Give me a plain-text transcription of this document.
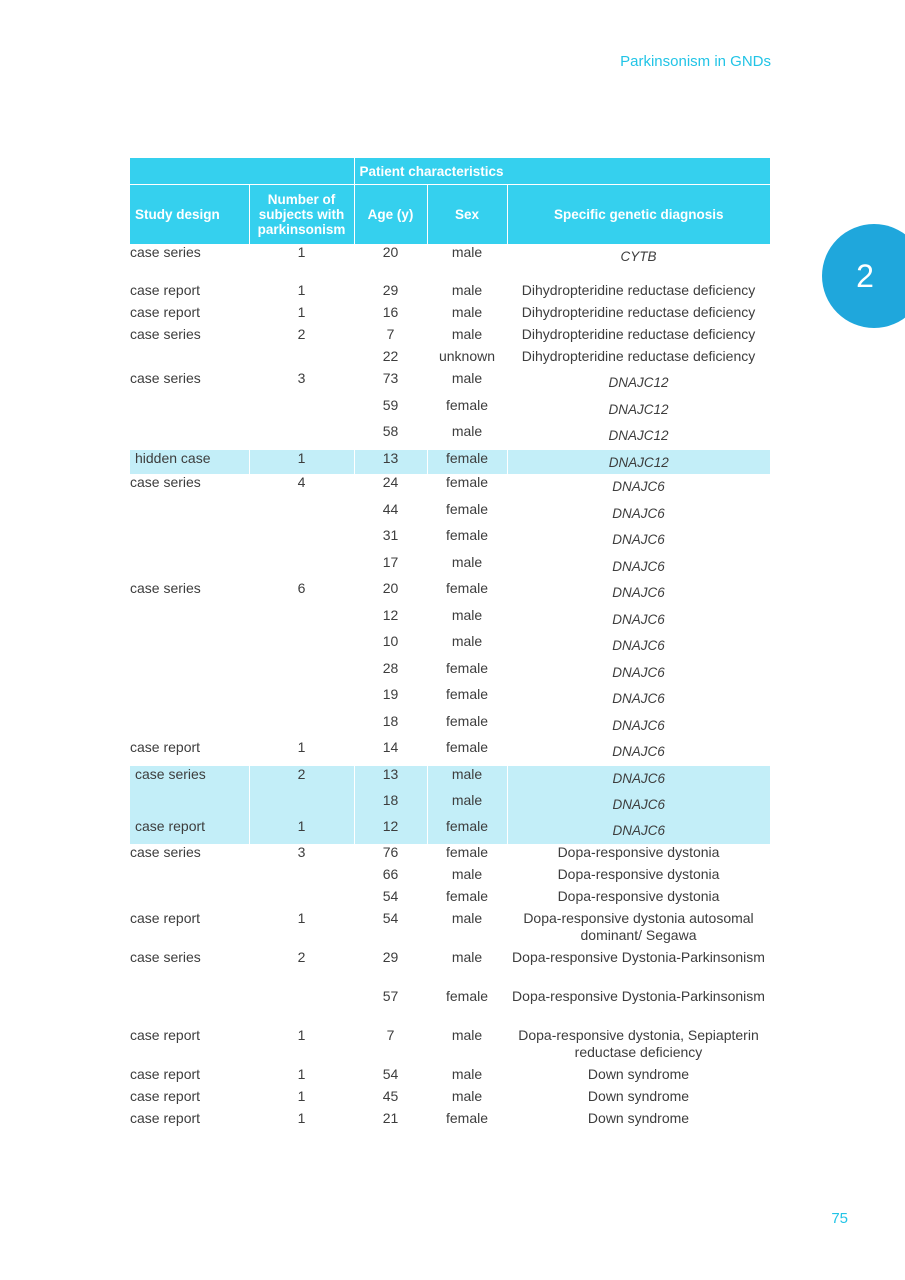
Parkinsonism in GNDs
2
		Patient characteristics		
Study design	Number of subjects with parkinsonism	Age (y)	Sex	Specific genetic diagnosis
case series	1	20	male	CYTB
case report	1	29	male	Dihydropteridine reductase deficiency
case report	1	16	male	Dihydropteridine reductase deficiency
case series	2	7	male	Dihydropteridine reductase deficiency
		22	unknown	Dihydropteridine reductase deficiency
case series	3	73	male	DNAJC12
		59	female	DNAJC12
		58	male	DNAJC12
hidden case	1	13	female	DNAJC12
case series	4	24	female	DNAJC6
		44	female	DNAJC6
		31	female	DNAJC6
		17	male	DNAJC6
case series	6	20	female	DNAJC6
		12	male	DNAJC6
		10	male	DNAJC6
		28	female	DNAJC6
		19	female	DNAJC6
		18	female	DNAJC6
case report	1	14	female	DNAJC6
case series	2	13	male	DNAJC6
		18	male	DNAJC6
case report	1	12	female	DNAJC6
case series	3	76	female	Dopa-responsive dystonia
		66	male	Dopa-responsive dystonia
		54	female	Dopa-responsive dystonia
case report	1	54	male	Dopa-responsive dystonia autosomal dominant/ Segawa
case series	2	29	male	Dopa-responsive Dystonia-Parkinsonism
		57	female	Dopa-responsive Dystonia-Parkinsonism
case report	1	7	male	Dopa-responsive dystonia, Sepiapterin reductase deficiency
case report	1	54	male	Down syndrome
case report	1	45	male	Down syndrome
case report	1	21	female	Down syndrome
75
